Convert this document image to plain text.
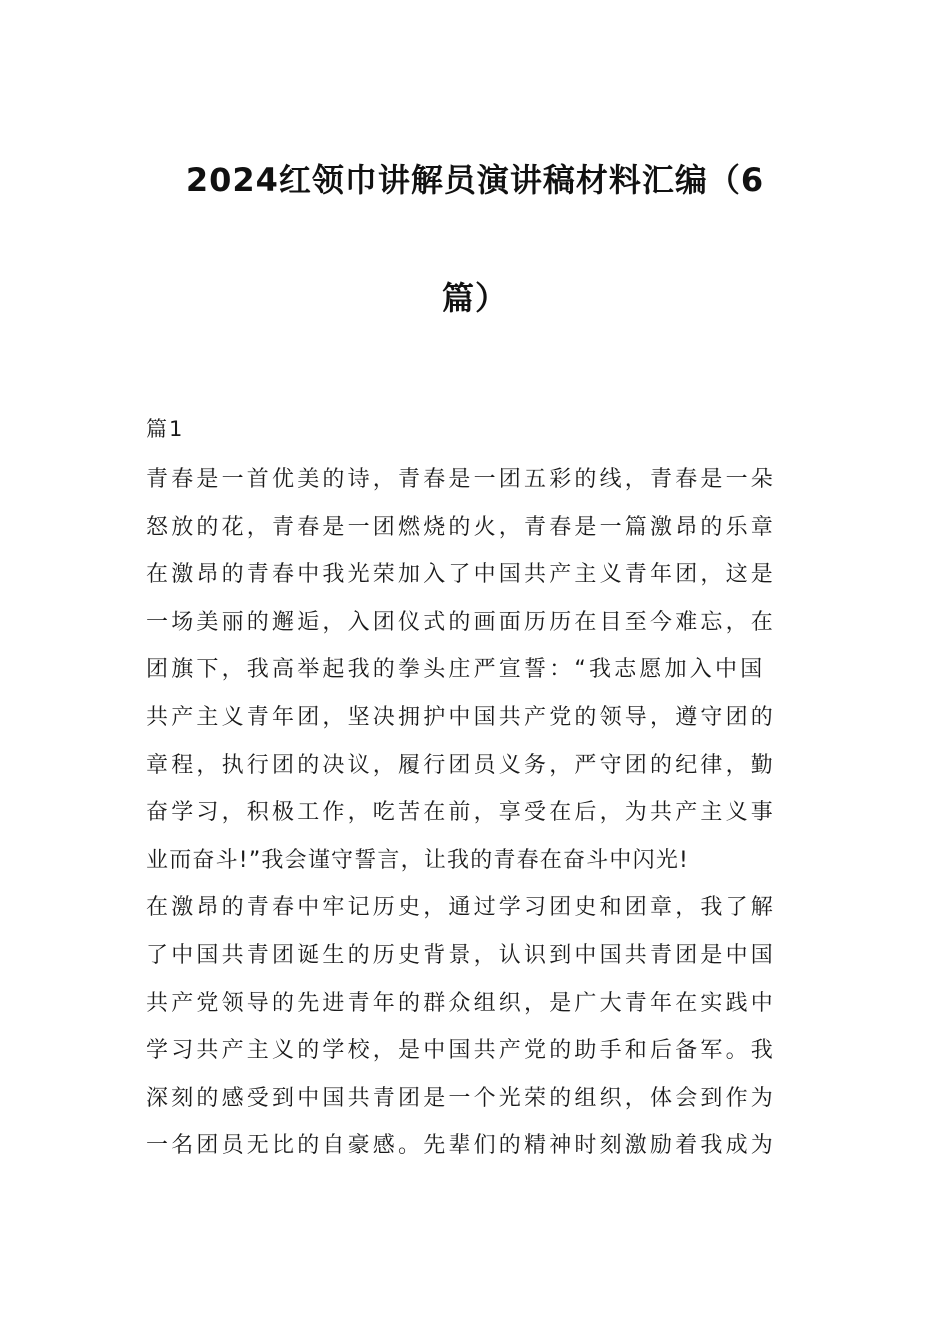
2024红领巾讲解员演讲稿材料汇编（6
篇）
篇1
青春是一首优美的诗，青春是一团五彩的线，青春是一朵
怒放的花，青春是一团燃烧的火，青春是一篇激昂的乐章
在激昂的青春中我光荣加入了中国共产主义青年团，这是
一场美丽的邂逅，入团仪式的画面历历在目至今难忘，在
团旗下，我高举起我的拳头庄严宣誓：“我志愿加入中国
共产主义青年团，坚决拥护中国共产党的领导，遵守团的
章程，执行团的决议，履行团员义务，严守团的纪律，勤
奋学习，积极工作，吃苦在前，享受在后，为共产主义事
业而奋斗!”我会谨守誓言，让我的青春在奋斗中闪光!
在激昂的青春中牢记历史，通过学习团史和团章，我了解
了中国共青团诞生的历史背景，认识到中国共青团是中国
共产党领导的先进青年的群众组织，是广大青年在实践中
学习共产主义的学校，是中国共产党的助手和后备军。我
深刻的感受到中国共青团是一个光荣的组织，体会到作为
一名团员无比的自豪感。先辈们的精神时刻激励着我成为
